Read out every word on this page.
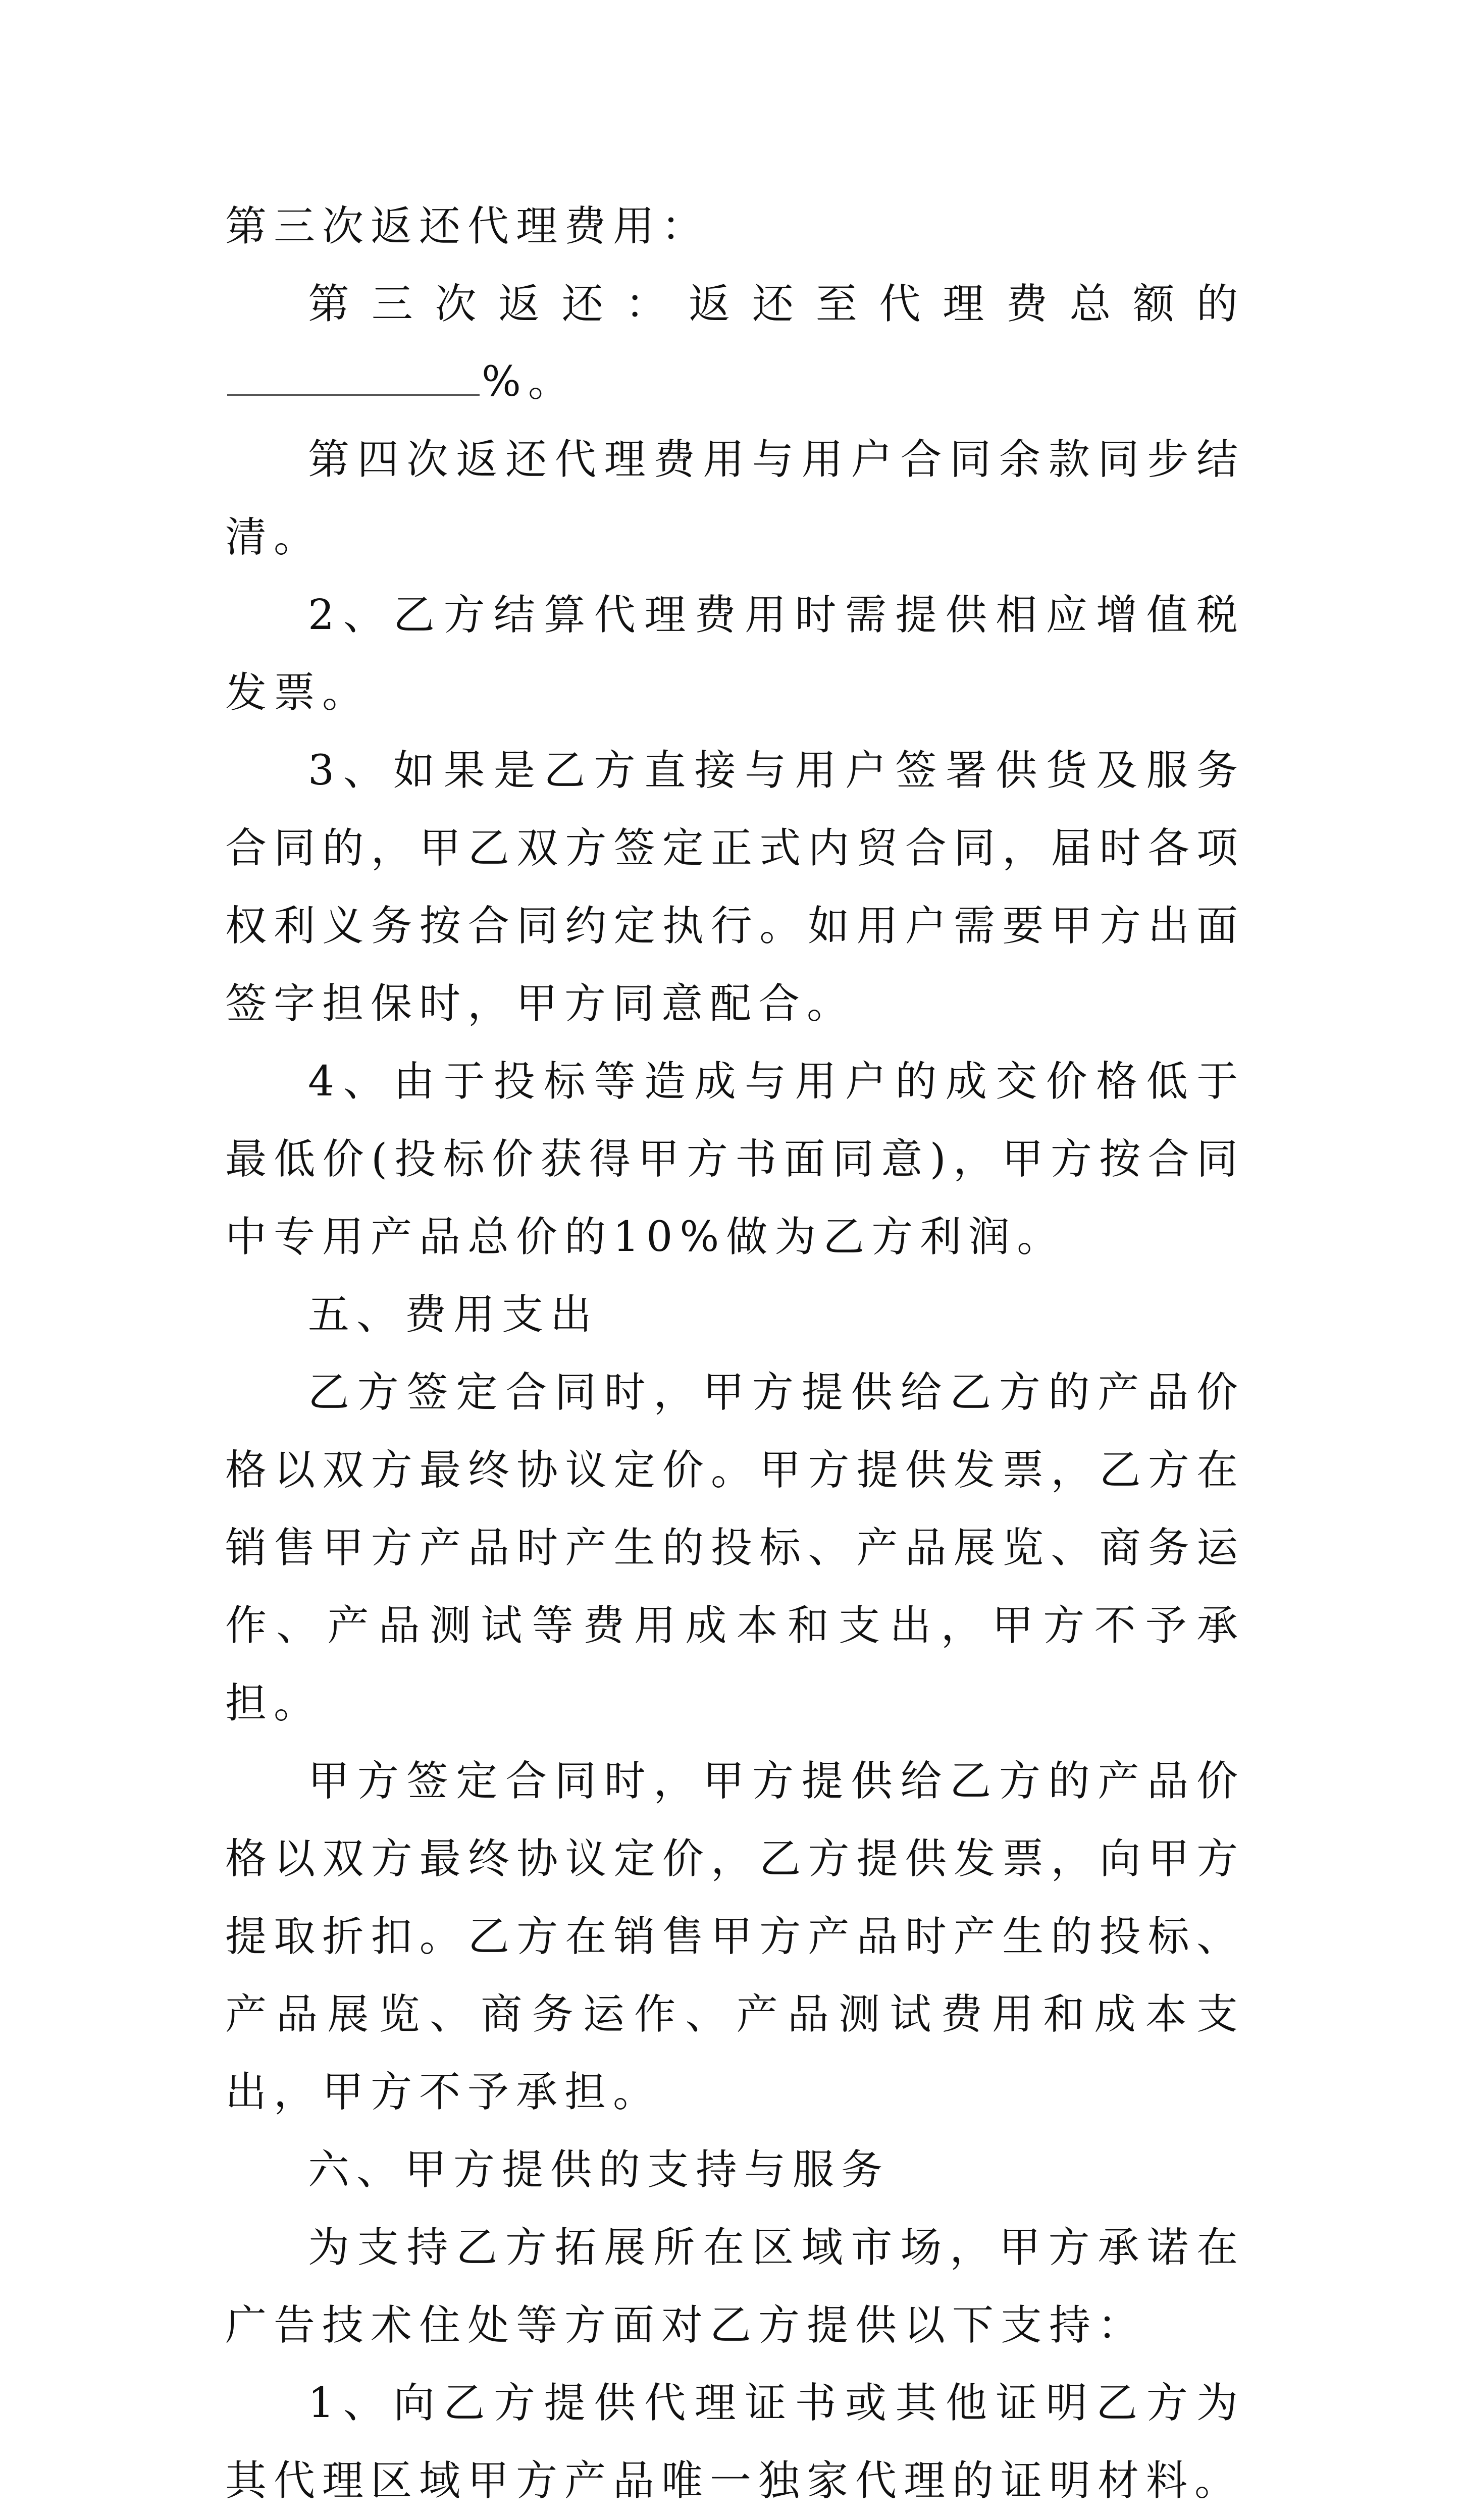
第三次返还代理费用：

第三次返还：返还至代理费总额的%。

第四次返还代理费用与用户合同余款同步结清。

2、乙方结算代理费用时需提供相应增值税发票。

3、如果是乙方直接与用户签署供货及服务合同的，甲乙双方签定正式内贸合同，届时各项权利义务按合同约定执行。如用户需要甲方出面签字担保时，甲方同意配合。

4、由于投标等造成与用户的成交价格低于最低价(投标价获得甲方书面同意)，甲方按合同中专用产品总价的10%做为乙方利润。

五、费用支出

乙方签定合同时，甲方提供给乙方的产品价格以双方最终协议定价。甲方提供发票，乙方在销售甲方产品时产生的投标、产品展览、商务运作、产品测试等费用成本和支出，甲方不予承担。

甲方签定合同时，甲方提供给乙方的产品价格以双方最终协议定价，乙方提供发票，向甲方提取折扣。乙方在销售甲方产品时产生的投标、产品展览、商务运作、产品测试费用和成本支出，甲方不予承担。

六、甲方提供的支持与服务

为支持乙方拓展所在区域市场，甲方承诺在广告技术住处等方面对乙方提供以下支持：

1、向乙方提供代理证书或其他证明乙方为其代理区域甲方产品唯一独家代理的证明材料。
